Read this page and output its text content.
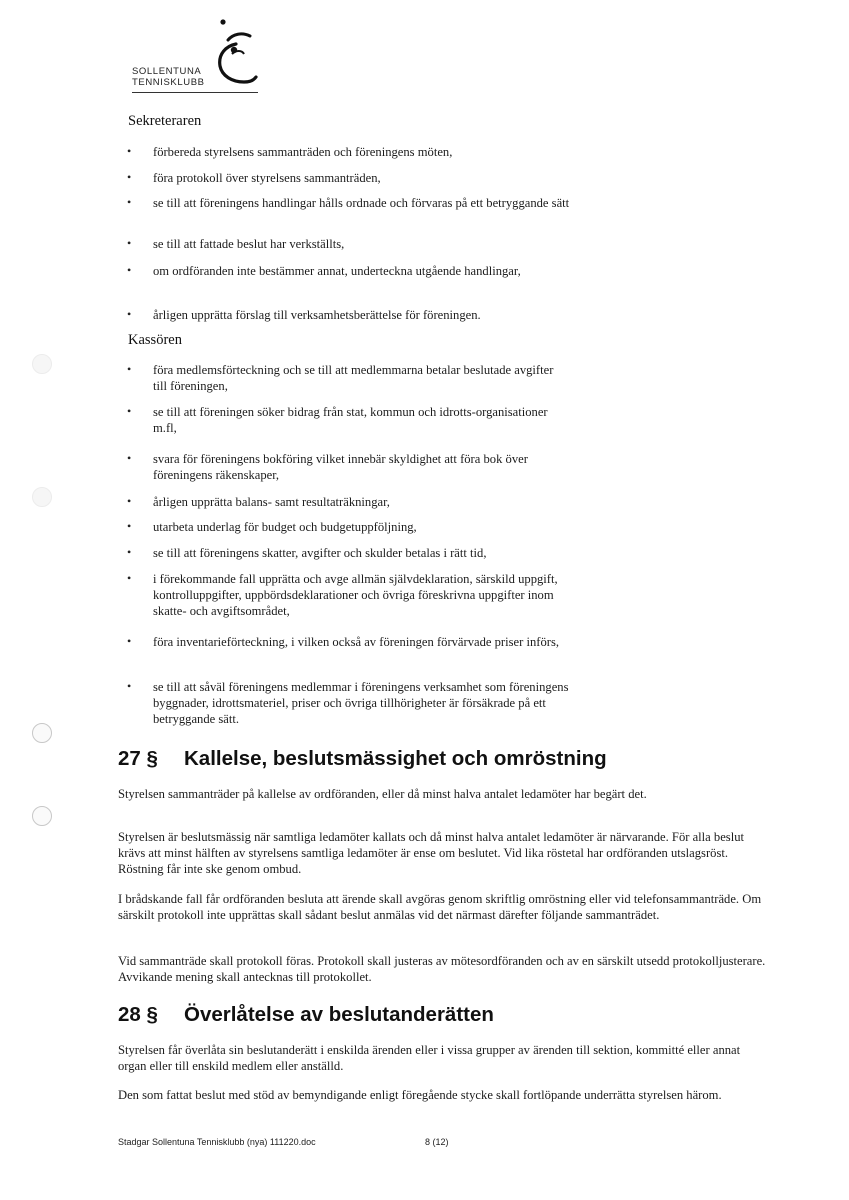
SOLLENTUNA
TENNISKLUBB
Sekreteraren
• förbereda styrelsens sammanträden och föreningens möten,

• föra protokoll över styrelsens sammanträden,

• se till att föreningens handlingar hålls ordnade och förvaras på ett betryggande sätt

• se till att fattade beslut har verkställts,

• om ordföranden inte bestämmer annat, underteckna utgående handlingar,

• årligen upprätta förslag till verksamhetsberättelse för föreningen.

Kassören
• föra medlemsförteckning och se till att medlemmarna betalar beslutade avgifter till föreningen,

• se till att föreningen söker bidrag från stat, kommun och idrotts-organisationer m.fl,

• svara för föreningens bokföring vilket innebär skyldighet att föra bok över föreningens räkenskaper,

• årligen upprätta balans- samt resultaträkningar,

• utarbeta underlag för budget och budgetuppföljning,

• se till att föreningens skatter, avgifter och skulder betalas i rätt tid,

• i förekommande fall upprätta och avge allmän självdeklaration, särskild uppgift, kontrolluppgifter, uppbördsdeklarationer och övriga föreskrivna uppgifter inom skatte- och avgiftsområdet,

• föra inventarieförteckning, i vilken också av föreningen förvärvade priser införs,

• se till att såväl föreningens medlemmar i föreningens verksamhet som föreningens byggnader, idrottsmateriel, priser och övriga tillhörigheter är försäkrade på ett betryggande sätt.

27 § Kallelse, beslutsmässighet och omröstning

Styrelsen sammanträder på kallelse av ordföranden, eller då minst halva antalet ledamöter har begärt det.

Styrelsen är beslutsmässig när samtliga ledamöter kallats och då minst halva antalet ledamöter är närvarande. För alla beslut krävs att minst hälften av styrelsens samtliga ledamöter är ense om beslutet. Vid lika röstetal har ordföranden utslagsröst. Röstning får inte ske genom ombud.

I brådskande fall får ordföranden besluta att ärende skall avgöras genom skriftlig omröstning eller vid telefonsammanträde. Om särskilt protokoll inte upprättas skall sådant beslut anmälas vid det närmast därefter följande sammanträdet.

Vid sammanträde skall protokoll föras. Protokoll skall justeras av mötesordföranden och av en särskilt utsedd protokolljusterare. Avvikande mening skall antecknas till protokollet.

28 § Överlåtelse av beslutanderätten

Styrelsen får överlåta sin beslutanderätt i enskilda ärenden eller i vissa grupper av ärenden till sektion, kommitté eller annat organ eller till enskild medlem eller anställd.

Den som fattat beslut med stöd av bemyndigande enligt föregående stycke skall fortlöpande underrätta styrelsen härom.

Stadgar Sollentuna Tennisklubb (nya) 111220.doc	8 (12)
